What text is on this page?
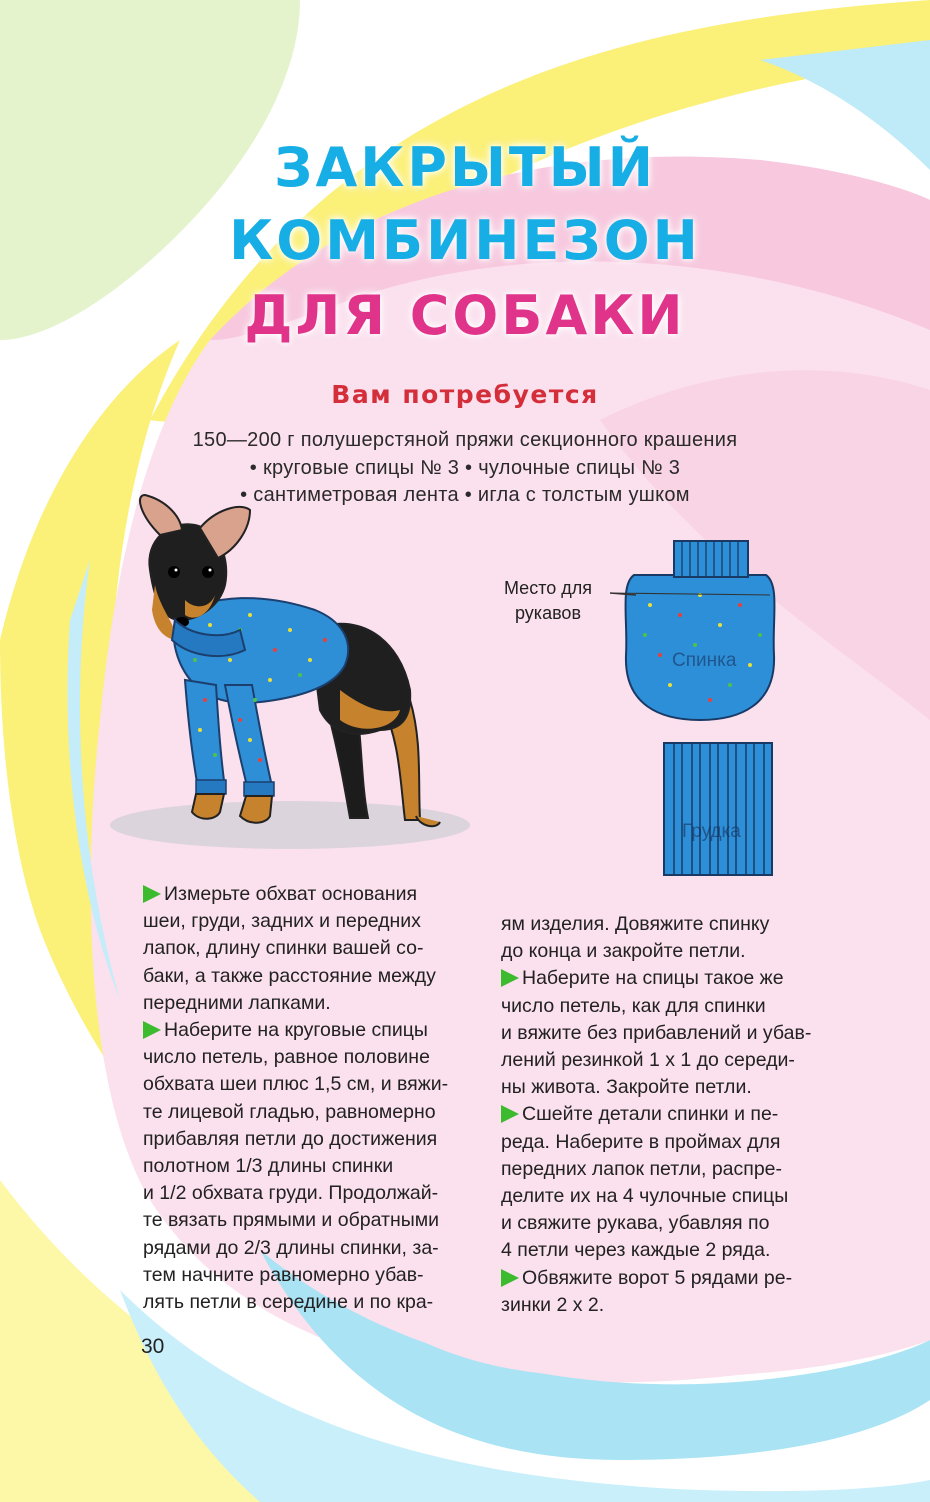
ЗАКРЫТЫЙ
КОМБИНЕЗОН
ДЛЯ СОБАКИ
Вам потребуется
150—200 г полушерстяной пряжи секционного крашения
• круговые спицы № 3 • чулочные спицы № 3
• сантиметровая лента • игла с толстым ушком
Место для
рукавов
Спинка
Грудка

Измерьте обхват основания

шеи, груди, задних и передних

лапок, длину спинки вашей со-

баки, а также расстояние между

передними лапками.

Наберите на круговые спицы

число петель, равное половине

обхвата шеи плюс 1,5 см, и вяжи-

те лицевой гладью, равномерно

прибавляя петли до достижения

полотном 1/3 длины спинки

и 1/2 обхвата груди. Продолжай-

те вязать прямыми и обратными

рядами до 2/3 длины спинки, за-

тем начните равномерно убав-

лять петли в середине и по кра-

ям изделия. Довяжите спинку

до конца и закройте петли.

Наберите на спицы такое же

число петель, как для спинки

и вяжите без прибавлений и убав-

лений резинкой 1 х 1 до середи-

ны живота. Закройте петли.

Сшейте детали спинки и пе-

реда. Наберите в проймах для

передних лапок петли, распре-

делите их на 4 чулочные спицы

и свяжите рукава, убавляя по

4 петли через каждые 2 ряда.

Обвяжите ворот 5 рядами ре-

зинки 2 х 2.

30
